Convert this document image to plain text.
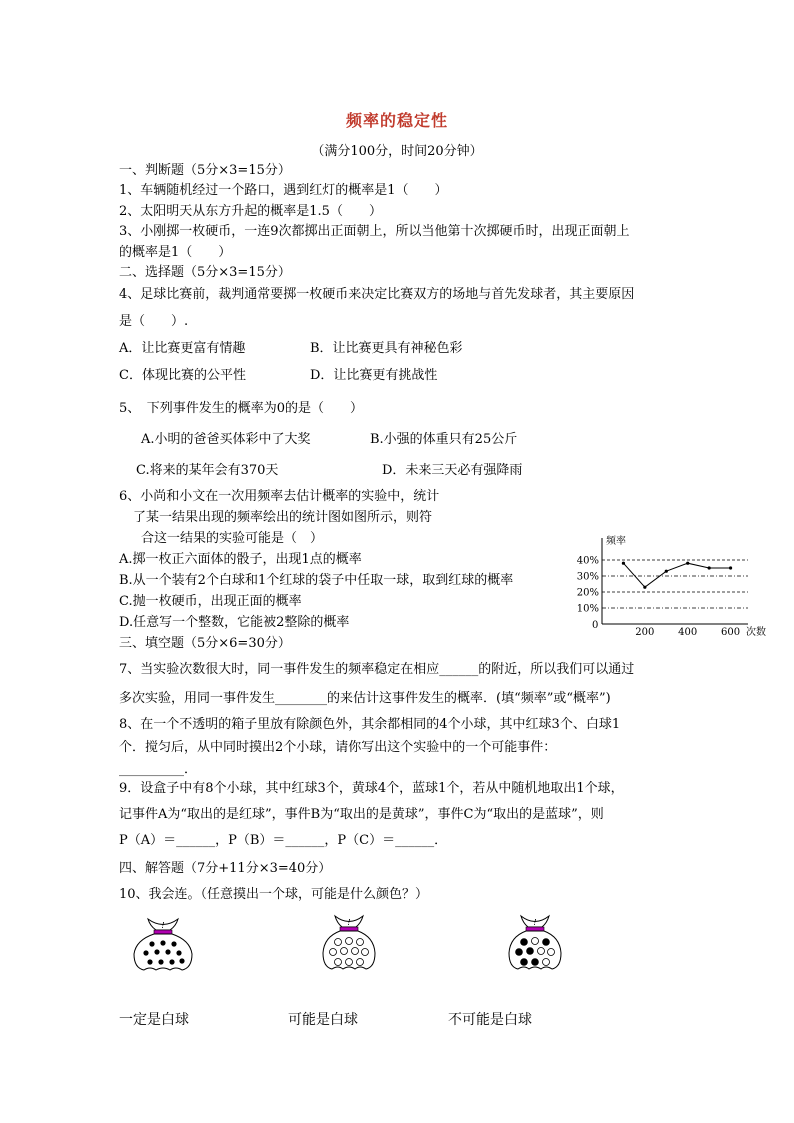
频率的稳定性
（满分100分，时间20分钟）
一、判断题（5分×3=15分）
1、车辆随机经过一个路口，遇到红灯的概率是1（　　）
2、太阳明天从东方升起的概率是1.5（　　）
3、小刚掷一枚硬币，一连9次都掷出正面朝上，所以当他第十次掷硬币时，出现正面朝上
的概率是1（　　）
二、选择题（5分×3=15分）
4、足球比赛前，裁判通常要掷一枚硬币来决定比赛双方的场地与首先发球者，其主要原因
是（　　）.
A．让比赛更富有情趣	B．让比赛更具有神秘色彩
C．体现比赛的公平性	D．让比赛更有挑战性
5、　下列事件发生的概率为0的是（　　）
A.小明的爸爸买体彩中了大奖	B.小强的体重只有25公斤
C.将来的某年会有370天	D．未来三天必有强降雨
6、小尚和小文在一次用频率去估计概率的实验中，统计
了某一结果出现的频率绘出的统计图如图所示，则符
合这一结果的实验可能是（　）
A.掷一枚正六面体的骰子，出现1点的概率
B.从一个装有2个白球和1个红球的袋子中任取一球，取到红球的概率
C.抛一枚硬币，出现正面的概率
D.任意写一个整数，它能被2整除的概率
10%
20%
30%
40%
频率
次数
0
200 400 600
三、填空题（5分×6=30分）
7、当实验次数很大时，同一事件发生的频率稳定在相应______的附近，所以我们可以通过
多次实验，用同一事件发生________的来估计这事件发生的概率．(填“频率”或“概率”)
8、在一个不透明的箱子里放有除颜色外，其余都相同的4个小球，其中红球3个、白球1
个．搅匀后，从中同时摸出2个小球，请你写出这个实验中的一个可能事件：
__________．
9．设盒子中有8个小球，其中红球3个，黄球4个，蓝球1个，若从中随机地取出1个球，
记事件A为“取出的是红球”，事件B为“取出的是黄球”，事件C为“取出的是蓝球”，则
P（A）＝______，P（B）＝______，P（C）＝______．
四、解答题（7分+11分×3=40分）
10、我会连。（任意摸出一个球，可能是什么颜色？）
!	!	!
一定是白球	可能是白球	不可能是白球
